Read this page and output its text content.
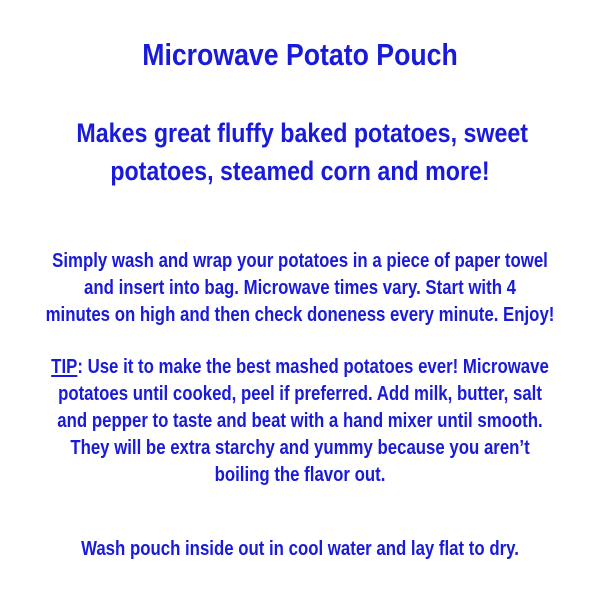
Microwave Potato Pouch
Makes great fluffy baked potatoes, sweet
potatoes, steamed corn and more!
Simply wash and wrap your potatoes in a piece of paper towel
and insert into bag. Microwave times vary. Start with 4
minutes on high and then check doneness every minute. Enjoy!
TIP: Use it to make the best mashed potatoes ever! Microwave
potatoes until cooked, peel if preferred. Add milk, butter, salt
and pepper to taste and beat with a hand mixer until smooth.
They will be extra starchy and yummy because you aren’t
boiling the flavor out.
Wash pouch inside out in cool water and lay flat to dry.
